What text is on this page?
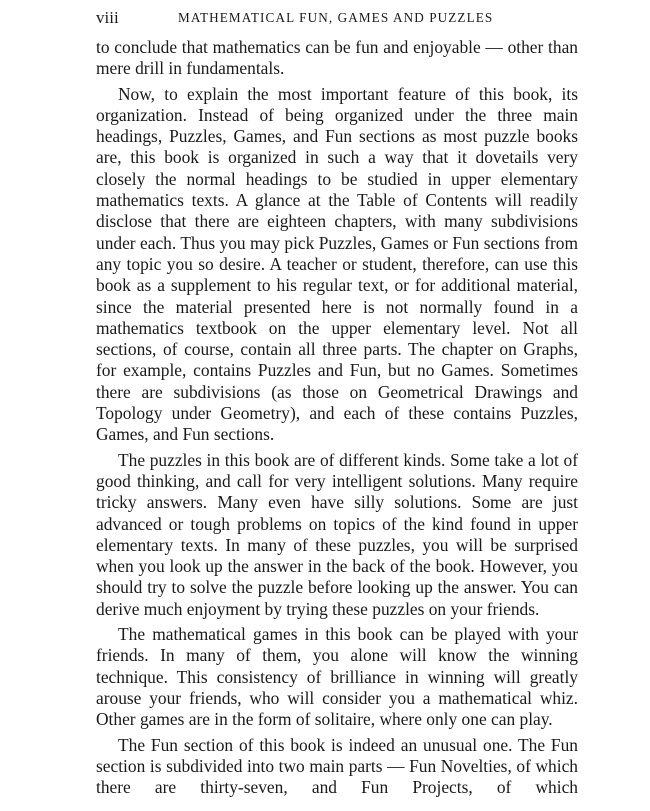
viii	MATHEMATICAL FUN, GAMES AND PUZZLES

to conclude that mathematics can be fun and enjoyable — other than mere drill in fundamentals.

Now, to explain the most important feature of this book, its organization. Instead of being organized under the three main headings, Puzzles, Games, and Fun sections as most puzzle books are, this book is organized in such a way that it dovetails very closely the normal headings to be studied in upper elementary mathematics texts. A glance at the Table of Contents will readily disclose that there are eighteen chapters, with many subdivisions under each. Thus you may pick Puzzles, Games or Fun sections from any topic you so desire. A teacher or student, therefore, can use this book as a supplement to his regular text, or for additional material, since the material presented here is not normally found in a mathematics textbook on the upper elementary level. Not all sections, of course, contain all three parts. The chapter on Graphs, for example, contains Puzzles and Fun, but no Games. Sometimes there are subdivisions (as those on Geometrical Drawings and Topology under Geometry), and each of these contains Puzzles, Games, and Fun sections.

The puzzles in this book are of different kinds. Some take a lot of good thinking, and call for very intelligent solutions. Many require tricky answers. Many even have silly solutions. Some are just advanced or tough problems on topics of the kind found in upper elementary texts. In many of these puzzles, you will be surprised when you look up the answer in the back of the book. However, you should try to solve the puzzle before looking up the answer. You can derive much enjoyment by trying these puzzles on your friends.

The mathematical games in this book can be played with your friends. In many of them, you alone will know the winning technique. This consistency of brilliance in winning will greatly arouse your friends, who will consider you a mathematical whiz. Other games are in the form of solitaire, where only one can play.

The Fun section of this book is indeed an unusual one. The Fun section is subdivided into two main parts — Fun Novelties, of which there are thirty-seven, and Fun Projects, of which
